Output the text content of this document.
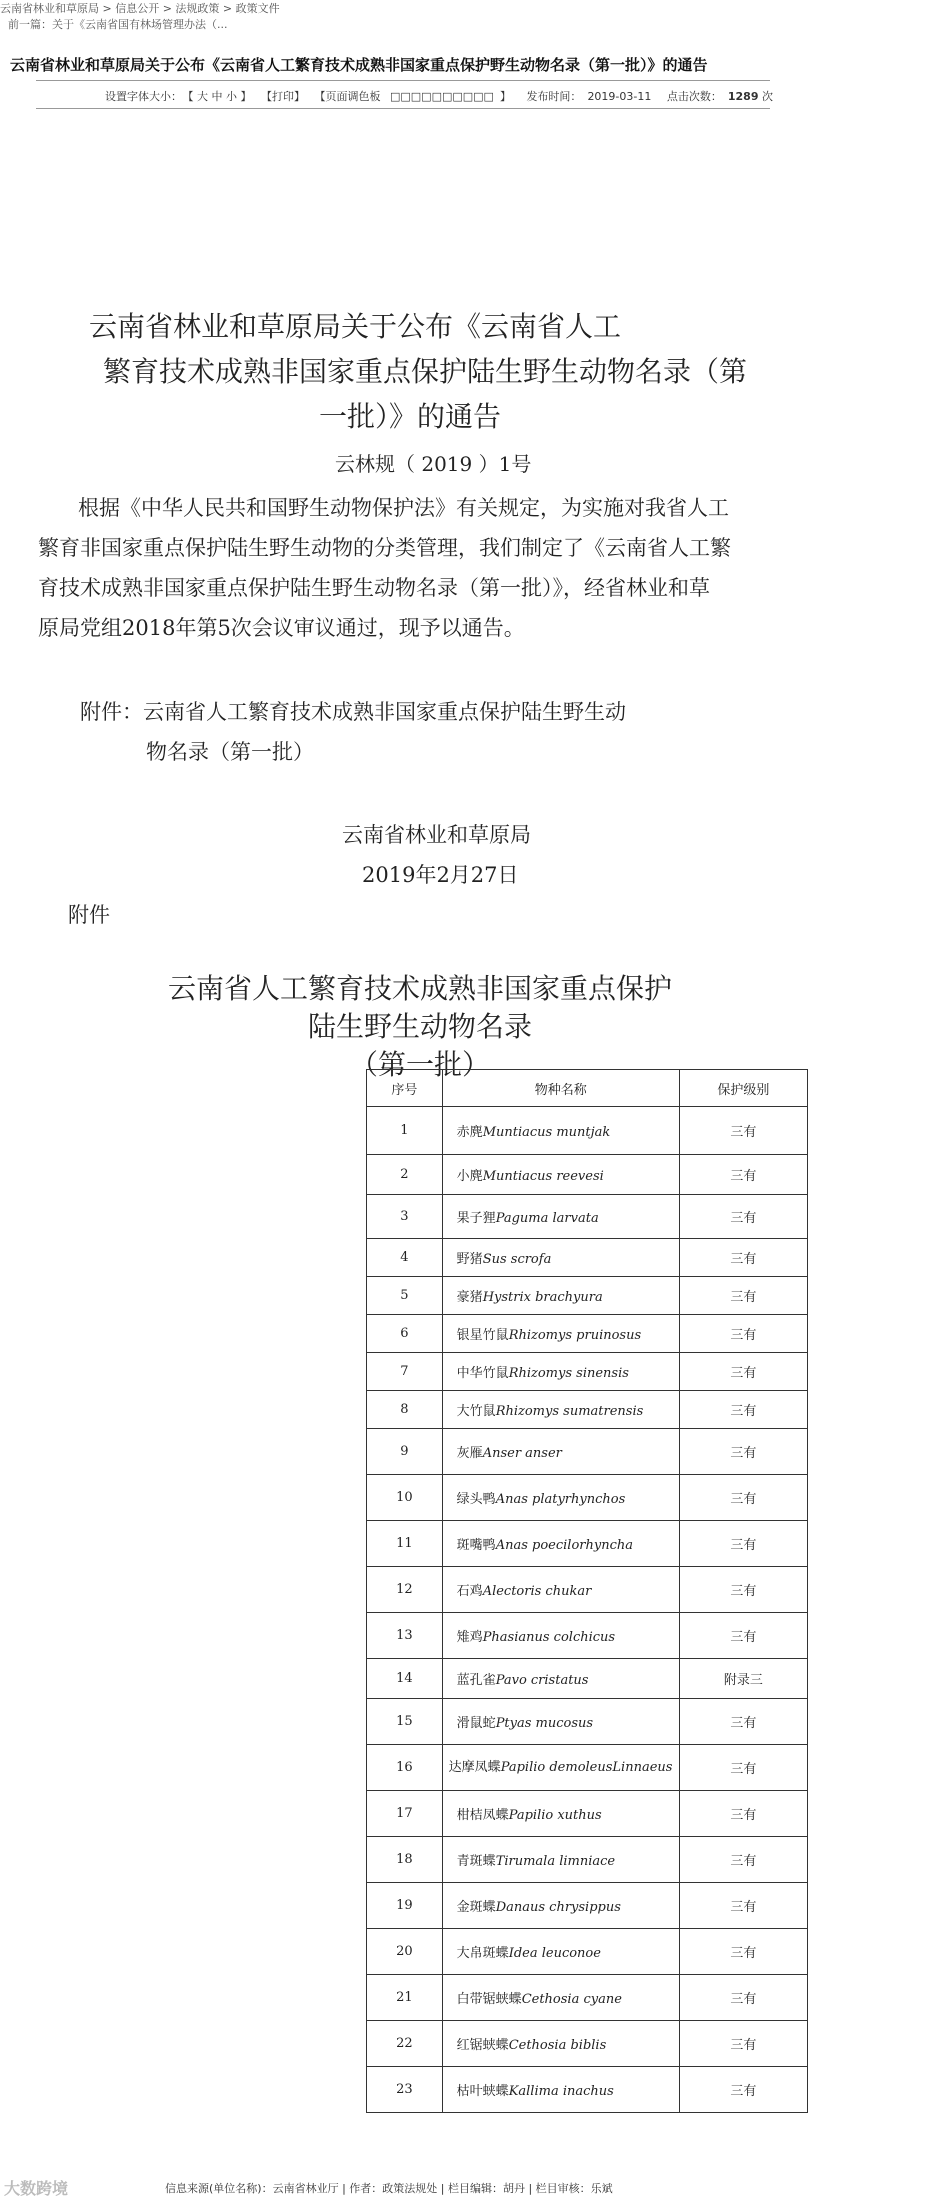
云南省林业和草原局 > 信息公开 > 法规政策 > 政策文件
前一篇：关于《云南省国有林场管理办法（...
云南省林业和草原局关于公布《云南省人工繁育技术成熟非国家重点保护野生动物名录（第一批）》的通告
设置字体大小： 【 大 中 小 】 【打印】 【页面调色板 □□□□□□□□□□ 】 发布时间： 2019-03-11 点击次数： 1289 次
云南省林业和草原局关于公布《云南省人工
繁育技术成熟非国家重点保护陆生野生动物名录（第
一批）》的通告
云林规（ 2019 ）1号
根据《中华人民共和国野生动物保护法》有关规定，为实施对我省人工
繁育非国家重点保护陆生野生动物的分类管理，我们制定了《云南省人工繁
育技术成熟非国家重点保护陆生野生动物名录（第一批）》，经省林业和草
原局党组2018年第5次会议审议通过，现予以通告。
附件：云南省人工繁育技术成熟非国家重点保护陆生野生动
物名录（第一批）
云南省林业和草原局
2019年2月27日
附件
云南省人工繁育技术成熟非国家重点保护
陆生野生动物名录
（第一批）
序号	物种名称	保护级别
1	赤麂Muntiacus muntjak	三有
2	小麂Muntiacus reevesi	三有
3	果子狸Paguma larvata	三有
4	野猪Sus scrofa	三有
5	豪猪Hystrix brachyura	三有
6	银星竹鼠Rhizomys pruinosus	三有
7	中华竹鼠Rhizomys sinensis	三有
8	大竹鼠Rhizomys sumatrensis	三有
9	灰雁Anser anser	三有
10	绿头鸭Anas platyrhynchos	三有
11	斑嘴鸭Anas poecilorhyncha	三有
12	石鸡Alectoris chukar	三有
13	雉鸡Phasianus colchicus	三有
14	蓝孔雀Pavo cristatus	附录三
15	滑鼠蛇Ptyas mucosus	三有
16	达摩凤蝶Papilio demoleusLinnaeus	三有
17	柑桔凤蝶Papilio xuthus	三有
18	青斑蝶Tirumala limniace	三有
19	金斑蝶Danaus chrysippus	三有
20	大帛斑蝶Idea leuconoe	三有
21	白带锯蛱蝶Cethosia cyane	三有
22	红锯蛱蝶Cethosia biblis	三有
23	枯叶蛱蝶Kallima inachus	三有
大数跨境	信息来源(单位名称)：云南省林业厅 | 作者：政策法规处 | 栏目编辑：胡丹 | 栏目审核：乐斌
